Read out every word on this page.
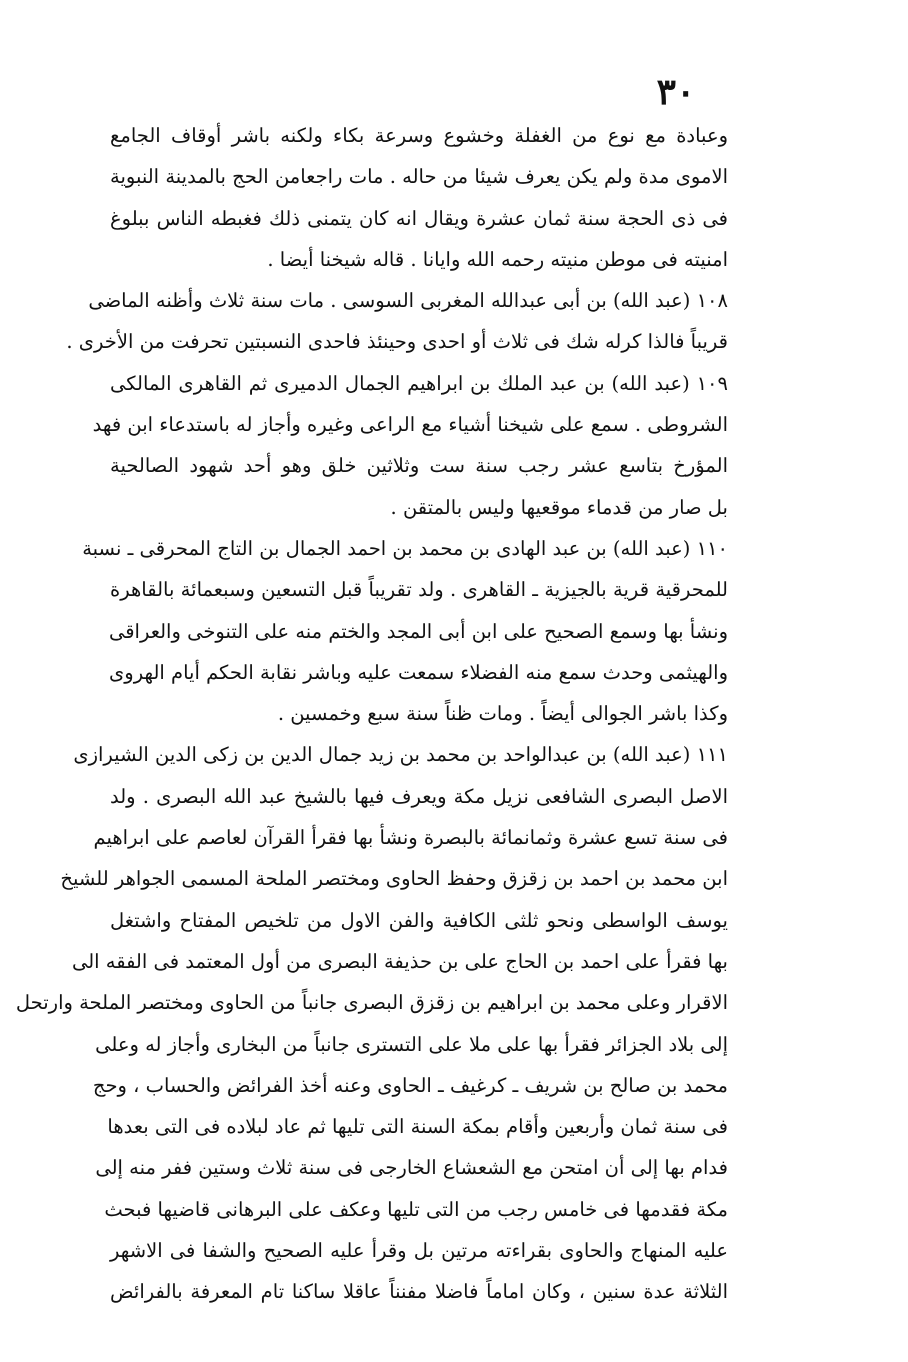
٣٠
وعبادة مع نوع من الغفلة وخشوع وسرعة بكاء ولكنه باشر أوقاف الجامع
الاموى مدة ولم يكن يعرف شيئا من حاله . مات راجعامن الحج بالمدينة النبوية
فى ذى الحجة سنة ثمان عشرة ويقال انه كان يتمنى ذلك فغبطه الناس ببلوغ
امنيته فى موطن منيته رحمه الله وايانا . قاله شيخنا أيضا .
١٠٨ (عبد الله) بن أبى عبدالله المغربى السوسى . مات سنة ثلاث وأظنه الماضى
قريباً فالذا كرله شك فى ثلاث أو احدى وحينئذ فاحدى النسبتين تحرفت من الأخرى .
١٠٩ (عبد الله) بن عبد الملك بن ابراهيم الجمال الدميرى ثم القاهرى المالكى
الشروطى . سمع على شيخنا أشياء مع الراعى وغيره وأجاز له باستدعاء ابن فهد
المؤرخ بتاسع عشر رجب سنة ست وثلاثين خلق وهو أحد شهود الصالحية
بل صار من قدماء موقعيها وليس بالمتقن .
١١٠ (عبد الله) بن عبد الهادى بن محمد بن احمد الجمال بن التاج المحرقى ـ نسبة
للمحرقية قرية بالجيزية ـ القاهرى . ولد تقريباً قبل التسعين وسبعمائة بالقاهرة
ونشأ بها وسمع الصحيح على ابن أبى المجد والختم منه على التنوخى والعراقى
والهيثمى وحدث سمع منه الفضلاء سمعت عليه وباشر نقابة الحكم أيام الهروى
وكذا باشر الجوالى أيضاً . ومات ظناً سنة سبع وخمسين .
١١١ (عبد الله) بن عبدالواحد بن محمد بن زيد جمال الدين بن زكى الدين الشيرازى
الاصل البصرى الشافعى نزيل مكة ويعرف فيها بالشيخ عبد الله البصرى . ولد
فى سنة تسع عشرة وثمانمائة بالبصرة ونشأ بها فقرأ القرآن لعاصم على ابراهيم
ابن محمد بن احمد بن زقزق وحفظ الحاوى ومختصر الملحة المسمى الجواهر للشيخ
يوسف الواسطى ونحو ثلثى الكافية والفن الاول من تلخيص المفتاح واشتغل
بها فقرأ على احمد بن الحاج على بن حذيفة البصرى من أول المعتمد فى الفقه الى
الاقرار وعلى محمد بن ابراهيم بن زقزق البصرى جانباً من الحاوى ومختصر الملحة وارتحل
إلى بلاد الجزائر فقرأ بها على ملا على التسترى جانباً من البخارى وأجاز له وعلى
محمد بن صالح بن شريف ـ كرغيف ـ الحاوى وعنه أخذ الفرائض والحساب ، وحج
فى سنة ثمان وأربعين وأقام بمكة السنة التى تليها ثم عاد لبلاده فى التى بعدها
فدام بها إلى أن امتحن مع الشعشاع الخارجى فى سنة ثلاث وستين ففر منه إلى
مكة فقدمها فى خامس رجب من التى تليها وعكف على البرهانى قاضيها فبحث
عليه المنهاج والحاوى بقراءته مرتين بل وقرأ عليه الصحيح والشفا فى الاشهر
الثلاثة عدة سنين ، وكان اماماً فاضلا مفنناً عاقلا ساكنا تام المعرفة بالفرائض
